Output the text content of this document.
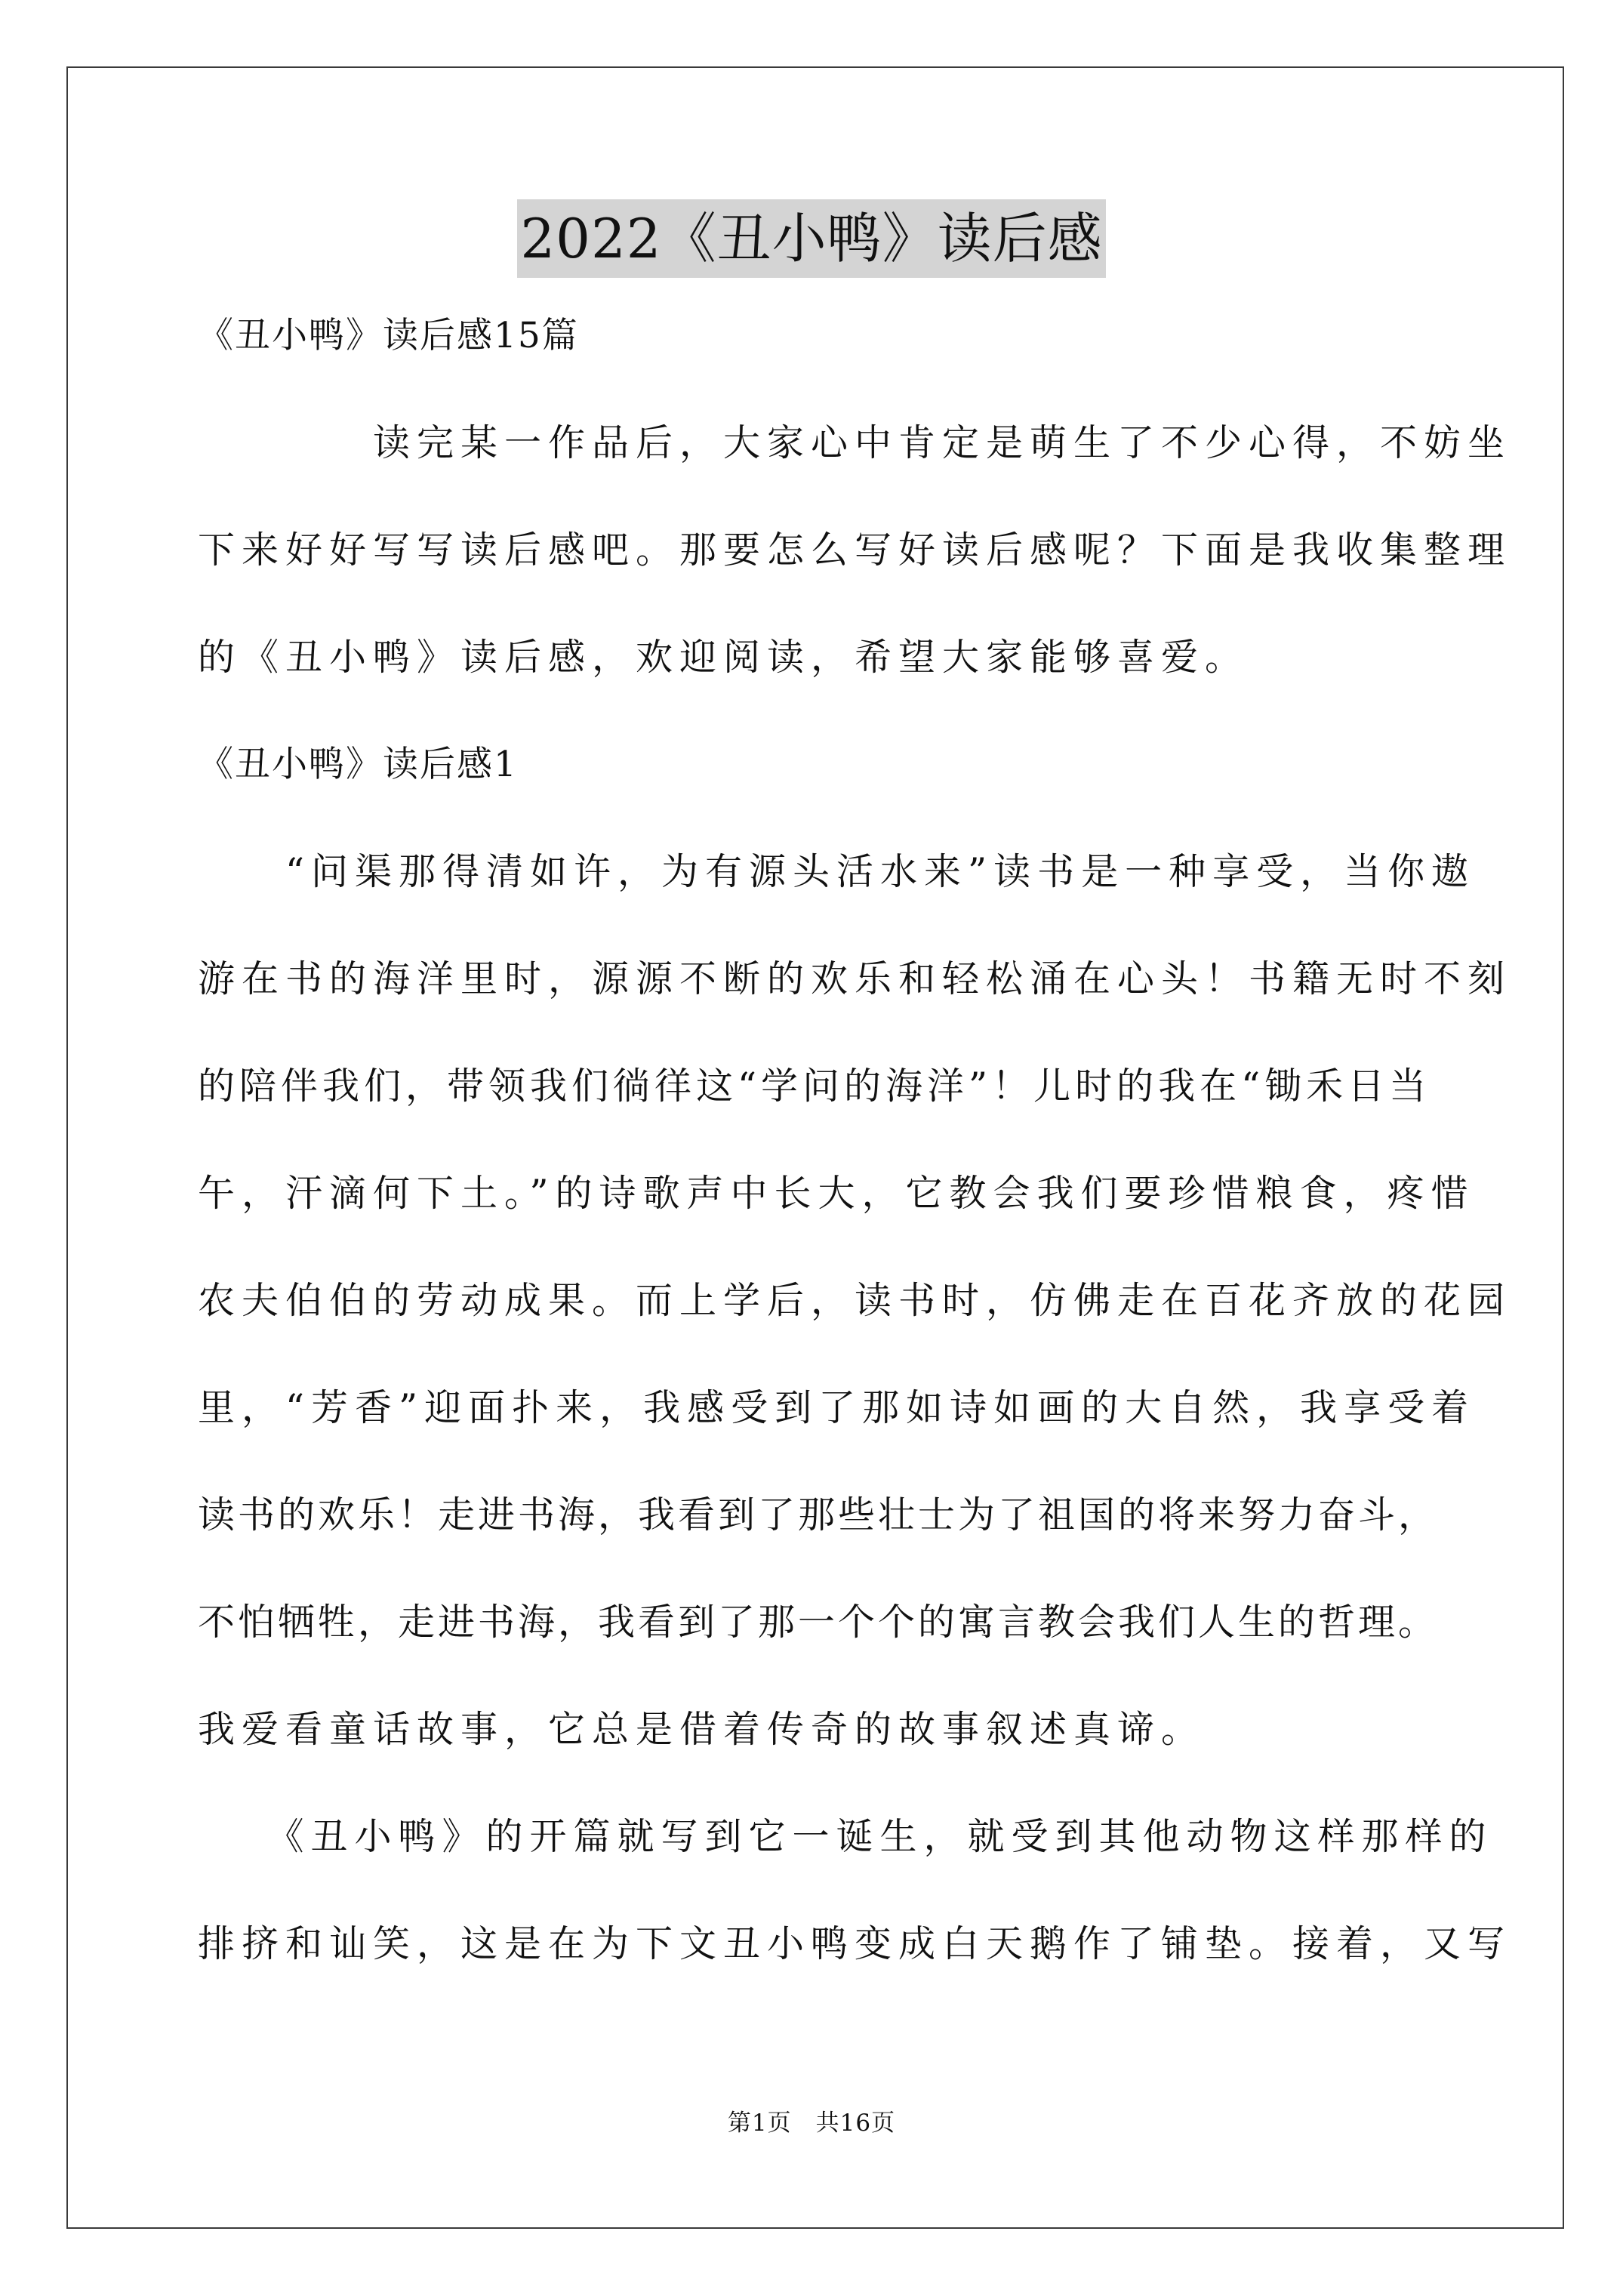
2022《丑小鸭》读后感
《丑小鸭》读后感15篇
　　　　读完某一作品后，大家心中肯定是萌生了不少心得，不妨坐
下来好好写写读后感吧。那要怎么写好读后感呢？下面是我收集整理
的《丑小鸭》读后感，欢迎阅读，希望大家能够喜爱。
《丑小鸭》读后感1
　　“问渠那得清如许，为有源头活水来”读书是一种享受，当你遨
游在书的海洋里时，源源不断的欢乐和轻松涌在心头！书籍无时不刻
的陪伴我们，带领我们徜徉这“学问的海洋”！儿时的我在“锄禾日当
午，汗滴何下土。”的诗歌声中长大，它教会我们要珍惜粮食，疼惜
农夫伯伯的劳动成果。而上学后，读书时，仿佛走在百花齐放的花园
里，“芳香”迎面扑来，我感受到了那如诗如画的大自然，我享受着
读书的欢乐！走进书海，我看到了那些壮士为了祖国的将来努力奋斗，
不怕牺牲，走进书海，我看到了那一个个的寓言教会我们人生的哲理。
我爱看童话故事，它总是借着传奇的故事叙述真谛。
　　《丑小鸭》的开篇就写到它一诞生，就受到其他动物这样那样的
排挤和讪笑，这是在为下文丑小鸭变成白天鹅作了铺垫。接着，又写
第1页　共16页
